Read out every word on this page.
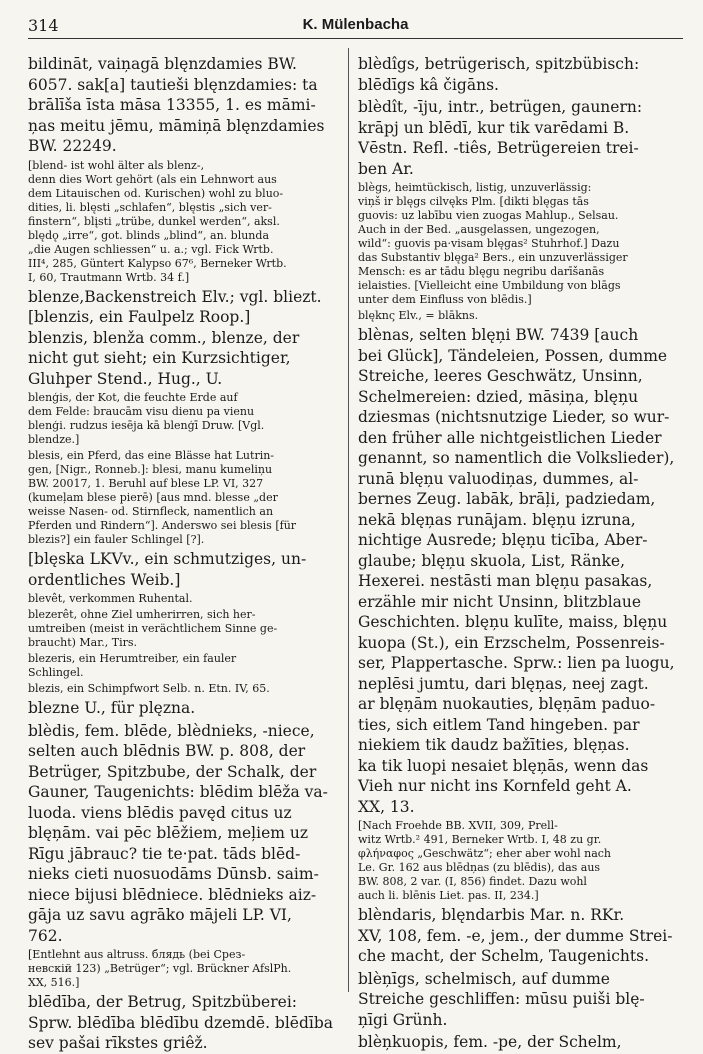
314	K. Mülenbacha

bildināt, vaiņagā blęnzdamies BW.

6057. sak[a] tautieši blęnzdamies: ta

brālīša īsta māsa 13355, 1. es māmi-

ņas meitu jēmu, māmiņā blęnzdamies

BW. 22249.

[blend- ist wohl älter als blenz-,

denn dies Wort gehört (als ein Lehnwort aus

dem Litauischen od. Kurischen) wohl zu bluo-

dities, li. blęsti „schlafen“, blęstis „sich ver-

finstern“, blįsti „trübe, dunkel werden“, aksl.

blędǫ „irre“, got. blinds „blind“, an. blunda

„die Augen schliessen“ u. a.; vgl. Fick Wrtb.

III⁴, 285, Güntert Kalypso 67⁶, Berneker Wrtb.

I, 60, Trautmann Wrtb. 34 f.]

blenze,Backenstreich Elv.; vgl. bliezt.

[blenzis, ein Faulpelz Roop.]

blenzis, blenža comm., blenze, der

nicht gut sieht; ein Kurzsichtiger,

Gluhper Stend., Hug., U.

blenģis, der Kot, die feuchte Erde auf

dem Felde: braucām visu dienu pa vienu

blenģi. rudzus iesēja kā blenģī Druw. [Vgl.

blendze.]

blesis, ein Pferd, das eine Blässe hat Lutrin-

gen, [Nigr., Ronneb.]: blesi, manu kumeliņu

BW. 20017, 1. Beruhl auf blese LP. VI, 327

(kumeļam blese pierē) [aus mnd. blesse „der

weisse Nasen- od. Stirnfleck, namentlich an

Pferden und Rindern“]. Anderswo sei blesis [für

blezis?] ein fauler Schlingel [?].

[blęska LKVv., ein schmutziges, un-

ordentliches Weib.]

blevêt, verkommen Ruhental.

blezerêt, ohne Ziel umherirren, sich her-

umtreiben (meist in verächtlichem Sinne ge-

braucht) Mar., Tirs.

blezeris, ein Herumtreiber, ein fauler

Schlingel.

blezis, ein Schimpfwort Selb. n. Etn. IV, 65.

blezne U., für plęzna.

blèdis, fem. blēde, blèdnieks, -niece,

selten auch blēdnis BW. p. 808, der

Betrüger, Spitzbube, der Schalk, der

Gauner, Taugenichts: blēdim blēža va-

luoda. viens blēdis pavęd citus uz

blęņām. vai pēc blēžiem, meļiem uz

Rīgu jābrauc? tie te·pat. tāds blēd-

nieks cieti nuosuodāms Dūnsb. saim-

niece bijusi blēdniece. blēdnieks aiz-

gāja uz savu agrāko mājeli LP. VI,

762.

[Entlehnt aus altruss. блядь (bei Срез-

невскій 123) „Betrüger“; vgl. Brückner AfslPh.

XX, 516.]

blēdība, der Betrug, Spitzbüberei:

Sprw. blēdība blēdību dzemdē. blēdība

sev pašai rīkstes griêž.

blèdîgs, betrügerisch, spitzbübisch:

blēdīgs kâ čigāns.

blèdît, -īju, intr., betrügen, gaunern:

krāpj un blēdī, kur tik varēdami B.

Vēstn. Refl. -tiês, Betrügereien trei-

ben Ar.

blègs, heimtückisch, listig, unzuverlässig:

viņš ir blęgs cilvęks Plm. [dikti blęgas tās

guovis: uz labību vien zuogas Mahlup., Selsau.

Auch in der Bed. „ausgelassen, ungezogen,

wild“: guovis pa·visam blęgas² Stuhrhof.] Dazu

das Substantiv blęga² Bers., ein unzuverlässiger

Mensch: es ar tādu blęgu negribu darīšanās

ielaisties. [Vielleicht eine Umbildung von blāgs

unter dem Einfluss von blēdis.]

blęknς Elv., = blākns.

blènas, selten blęņi BW. 7439 [auch

bei Glück], Tändeleien, Possen, dumme

Streiche, leeres Geschwätz, Unsinn,

Schelmereien: dzied, māsiņa, blęņu

dziesmas (nichtsnutzige Lieder, so wur-

den früher alle nichtgeistlichen Lieder

genannt, so namentlich die Volkslieder),

runā blęņu valuodiņas, dummes, al-

bernes Zeug. labāk, brāļi, padziedam,

nekā blęņas runājam. blęņu izruna,

nichtige Ausrede; blęņu ticība, Aber-

glaube; blęņu skuola, List, Ränke,

Hexerei. nestāsti man blęņu pasakas,

erzähle mir nicht Unsinn, blitzblaue

Geschichten. blęņu kulīte, maiss, blęņu

kuopa (St.), ein Erzschelm, Possenreis-

ser, Plappertasche. Sprw.: lien pa luogu,

neplēsi jumtu, dari blęņas, neej zagt.

ar blęņām nuokauties, blęņām paduo-

ties, sich eitlem Tand hingeben. par

niekiem tik daudz bažīties, blęņas.

ka tik luopi nesaiet blęņās, wenn das

Vieh nur nicht ins Kornfeld geht A.

XX, 13.

[Nach Froehde BB. XVII, 309, Prell-

witz Wrtb.² 491, Berneker Wrtb. I, 48 zu gr.

φλήναφος „Geschwätz“; eher aber wohl nach

Le. Gr. 162 aus blēdņas (zu blēdis), das aus

BW. 808, 2 var. (I, 856) findet. Dazu wohl

auch li. blēnis Liet. pas. II, 234.]

blèndaris, blęndarbis Mar. n. RKr.

XV, 108, fem. -e, jem., der dumme Strei-

che macht, der Schelm, Taugenichts.

blèņīgs, schelmisch, auf dumme

Streiche geschliffen: mūsu puiši blę-

ņīgi Grünh.

blèņkuopis, fem. -pe, der Schelm,
